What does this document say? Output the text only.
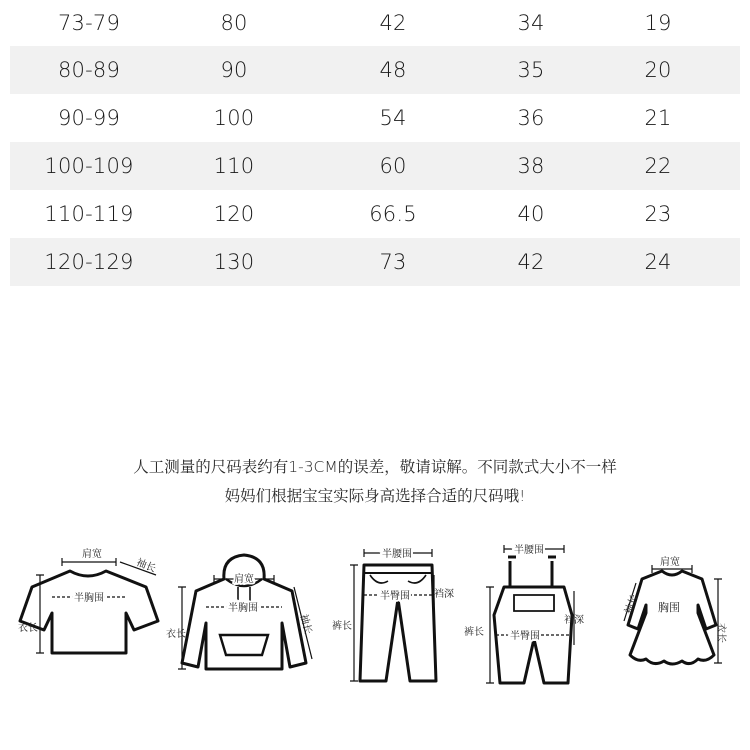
73-79	80	42	34	19
80-89	90	48	35	20
90-99	100	54	36	21
100-109	110	60	38	22
110-119	120	66.5	40	23
120-129	130	73	42	24
人工测量的尺码表约有1-3CM的误差，敬请谅解。不同款式大小不一样
妈妈们根据宝宝实际身高选择合适的尺码哦!
肩宽
袖长
半胸围
衣长
肩宽
半胸围
袖长
衣长
半腰围
半臀围 裆深
裤长
半腰围
半臀围
裆深
裤长
肩宽
袖长 胸围
衣长
